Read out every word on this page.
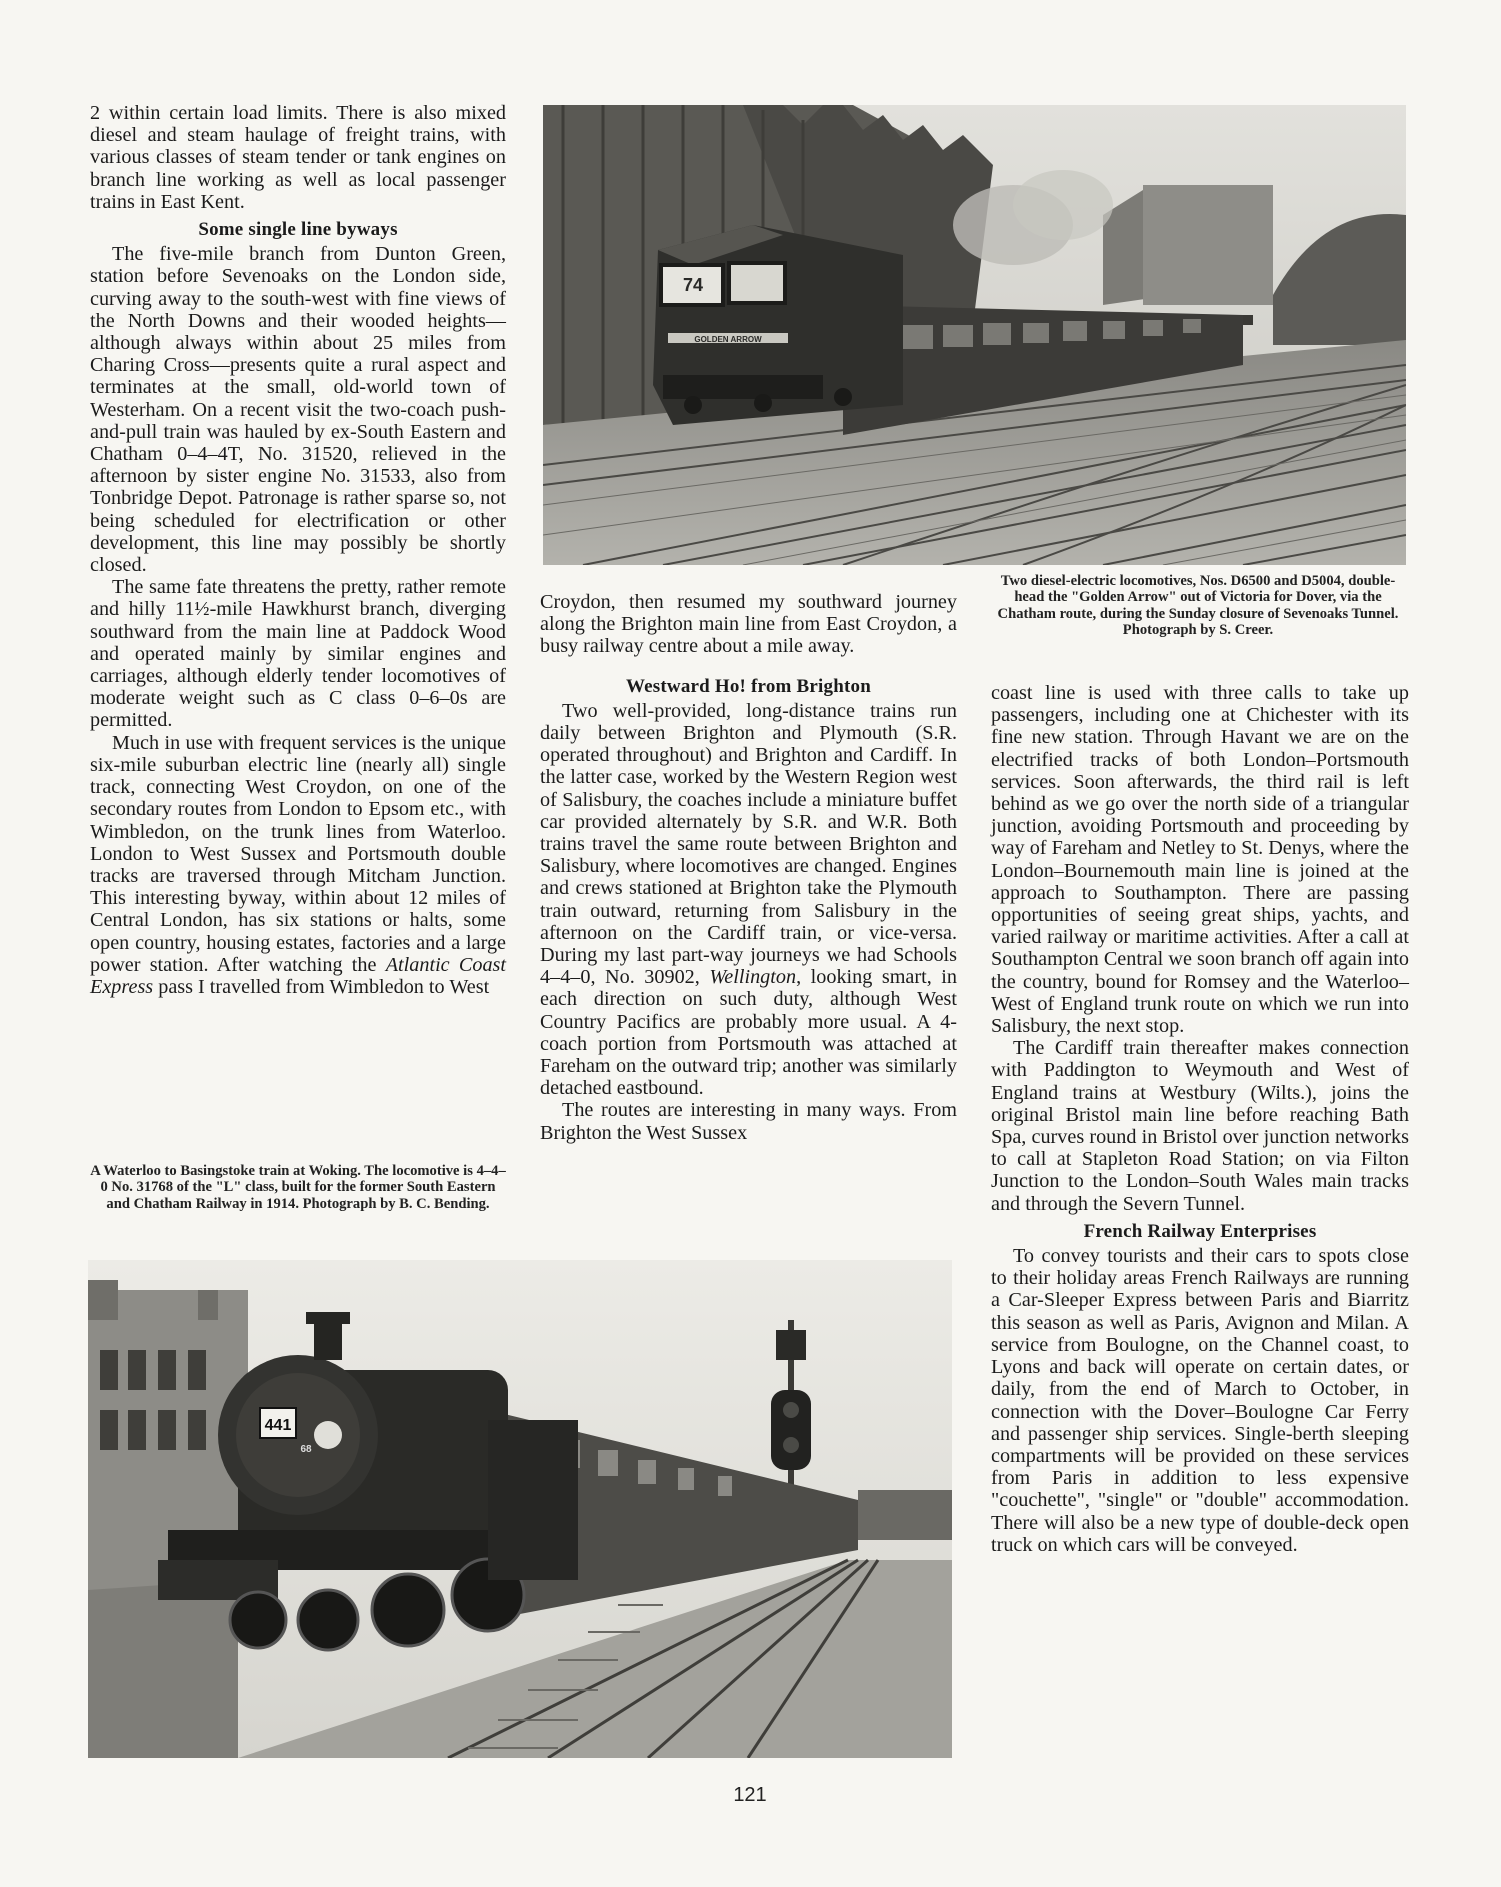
2 within certain load limits. There is also mixed diesel and steam haulage of freight trains, with various classes of steam tender or tank engines on branch line working as well as local passenger trains in East Kent.

Some single line byways

The five-mile branch from Dunton Green, station before Sevenoaks on the London side, curving away to the south-west with fine views of the North Downs and their wooded heights—although always within about 25 miles from Charing Cross—presents quite a rural aspect and terminates at the small, old-world town of Westerham. On a recent visit the two-coach push-and-pull train was hauled by ex-South Eastern and Chatham 0–4–4T, No. 31520, relieved in the afternoon by sister engine No. 31533, also from Tonbridge Depot. Patronage is rather sparse so, not being scheduled for electrification or other development, this line may possibly be shortly closed.

The same fate threatens the pretty, rather remote and hilly 11½-mile Hawkhurst branch, diverging southward from the main line at Paddock Wood and operated mainly by similar engines and carriages, although elderly tender locomotives of moderate weight such as C class 0–6–0s are permitted.

Much in use with frequent services is the unique six-mile suburban electric line (nearly all) single track, connecting West Croydon, on one of the secondary routes from London to Epsom etc., with Wimbledon, on the trunk lines from Waterloo. London to West Sussex and Portsmouth double tracks are traversed through Mitcham Junction. This interesting byway, within about 12 miles of Central London, has six stations or halts, some open country, housing estates, factories and a large power station. After watching the Atlantic Coast Express pass I travelled from Wimbledon to West

A Waterloo to Basingstoke train at Woking. The locomotive is 4–4–0 No. 31768 of the "L" class, built for the former South Eastern and Chatham Railway in 1914. Photograph by B. C. Bending.

Croydon, then resumed my southward journey along the Brighton main line from East Croydon, a busy railway centre about a mile away.

Westward Ho! from Brighton

Two well-provided, long-distance trains run daily between Brighton and Plymouth (S.R. operated throughout) and Brighton and Cardiff. In the latter case, worked by the Western Region west of Salisbury, the coaches include a miniature buffet car provided alternately by S.R. and W.R. Both trains travel the same route between Brighton and Salisbury, where locomotives are changed. Engines and crews stationed at Brighton take the Plymouth train outward, returning from Salisbury in the afternoon on the Cardiff train, or vice-versa. During my last part-way journeys we had Schools 4–4–0, No. 30902, Wellington, looking smart, in each direction on such duty, although West Country Pacifics are probably more usual. A 4-coach portion from Portsmouth was attached at Fareham on the outward trip; another was similarly detached eastbound.

The routes are interesting in many ways. From Brighton the West Sussex

Two diesel-electric locomotives, Nos. D6500 and D5004, double-head the "Golden Arrow" out of Victoria for Dover, via the Chatham route, during the Sunday closure of Sevenoaks Tunnel. Photograph by S. Creer.

coast line is used with three calls to take up passengers, including one at Chichester with its fine new station. Through Havant we are on the electrified tracks of both London–Portsmouth services. Soon afterwards, the third rail is left behind as we go over the north side of a triangular junction, avoiding Portsmouth and proceeding by way of Fareham and Netley to St. Denys, where the London–Bournemouth main line is joined at the approach to Southampton. There are passing opportunities of seeing great ships, yachts, and varied railway or maritime activities. After a call at Southampton Central we soon branch off again into the country, bound for Romsey and the Waterloo–West of England trunk route on which we run into Salisbury, the next stop.

The Cardiff train thereafter makes connection with Paddington to Weymouth and West of England trains at Westbury (Wilts.), joins the original Bristol main line before reaching Bath Spa, curves round in Bristol over junction networks to call at Stapleton Road Station; on via Filton Junction to the London–South Wales main tracks and through the Severn Tunnel.

French Railway Enterprises

To convey tourists and their cars to spots close to their holiday areas French Railways are running a Car-Sleeper Express between Paris and Biarritz this season as well as Paris, Avignon and Milan. A service from Boulogne, on the Channel coast, to Lyons and back will operate on certain dates, or daily, from the end of March to October, in connection with the Dover–Boulogne Car Ferry and passenger ship services. Single-berth sleeping compartments will be provided on these services from Paris in addition to less expensive "couchette", "single" or "double" accommodation. There will also be a new type of double-deck open truck on which cars will be conveyed.

74
GOLDEN ARROW
441
68
121
